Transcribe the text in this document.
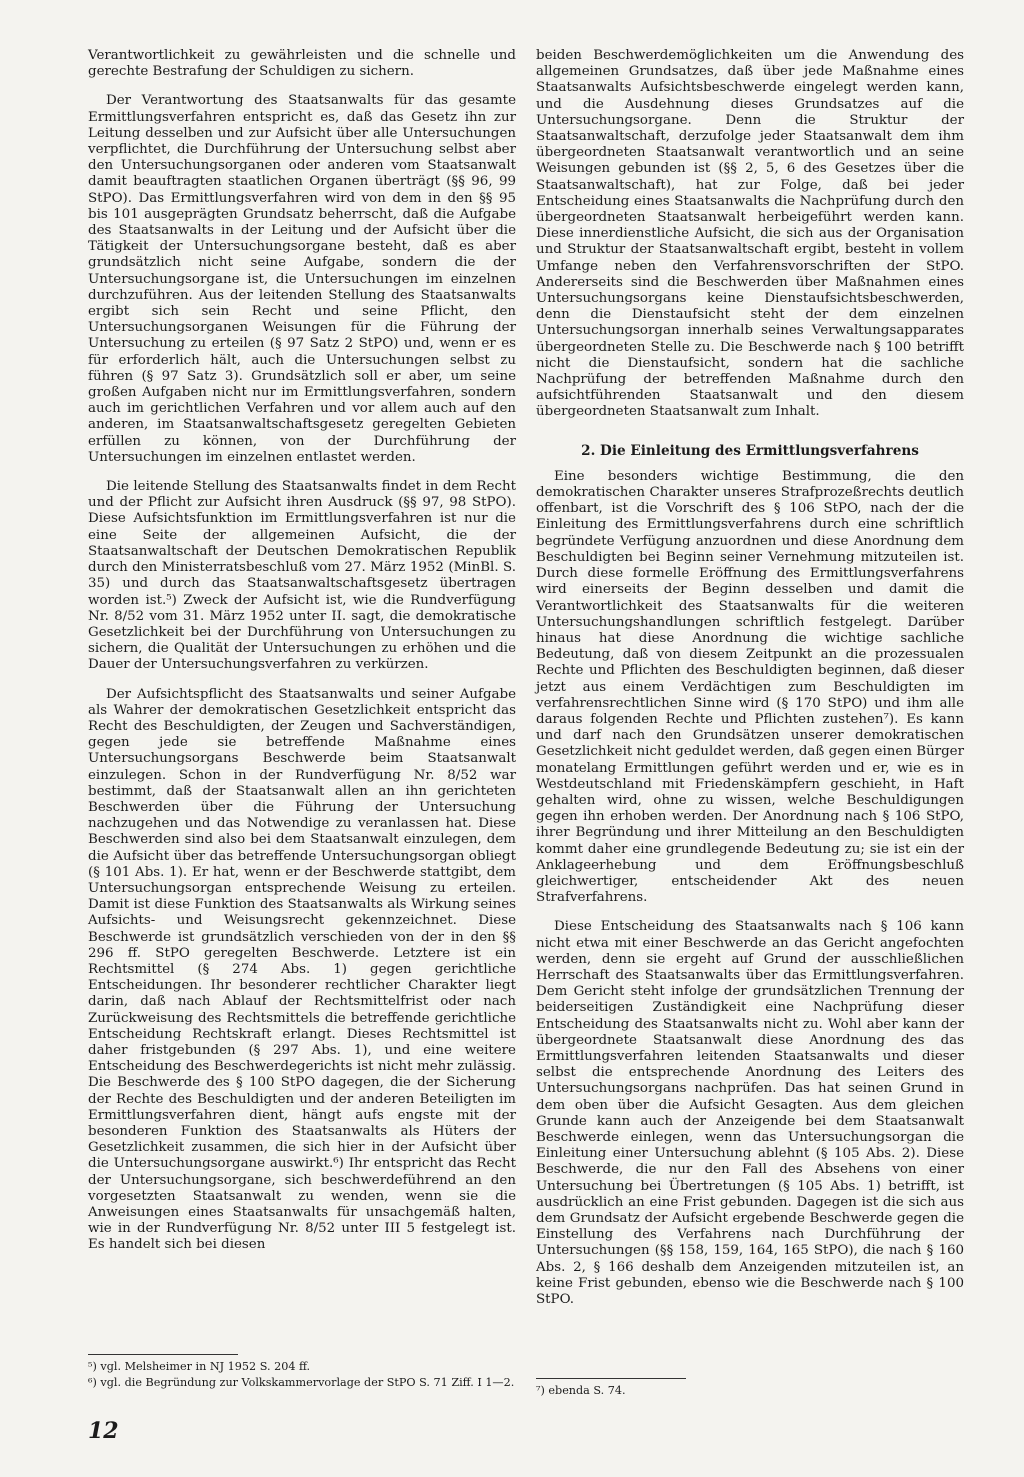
Verantwortlichkeit zu gewährleisten und die schnelle und gerechte Bestrafung der Schuldigen zu sichern.

Der Verantwortung des Staatsanwalts für das gesamte Ermittlungsverfahren entspricht es, daß das Gesetz ihn zur Leitung desselben und zur Aufsicht über alle Untersuchungen verpflichtet, die Durchführung der Untersuchung selbst aber den Untersuchungsorganen oder anderen vom Staatsanwalt damit beauftragten staatlichen Organen überträgt (§§ 96, 99 StPO). Das Ermittlungsverfahren wird von dem in den §§ 95 bis 101 ausgeprägten Grundsatz beherrscht, daß die Aufgabe des Staatsanwalts in der Leitung und der Aufsicht über die Tätigkeit der Untersuchungsorgane besteht, daß es aber grundsätzlich nicht seine Aufgabe, sondern die der Untersuchungsorgane ist, die Untersuchungen im einzelnen durchzuführen. Aus der leitenden Stellung des Staatsanwalts ergibt sich sein Recht und seine Pflicht, den Untersuchungsorganen Weisungen für die Führung der Untersuchung zu erteilen (§ 97 Satz 2 StPO) und, wenn er es für erforderlich hält, auch die Untersuchungen selbst zu führen (§ 97 Satz 3). Grundsätzlich soll er aber, um seine großen Aufgaben nicht nur im Ermittlungsverfahren, sondern auch im gerichtlichen Verfahren und vor allem auch auf den anderen, im Staatsanwaltschaftsgesetz geregelten Gebieten erfüllen zu können, von der Durchführung der Untersuchungen im einzelnen entlastet werden.

Die leitende Stellung des Staatsanwalts findet in dem Recht und der Pflicht zur Aufsicht ihren Ausdruck (§§ 97, 98 StPO). Diese Aufsichtsfunktion im Ermittlungsverfahren ist nur die eine Seite der allgemeinen Aufsicht, die der Staatsanwaltschaft der Deutschen Demokratischen Republik durch den Ministerratsbeschluß vom 27. März 1952 (MinBl. S. 35) und durch das Staatsanwaltschaftsgesetz übertragen worden ist.⁵) Zweck der Aufsicht ist, wie die Rundverfügung Nr. 8/52 vom 31. März 1952 unter II. sagt, die demokratische Gesetzlichkeit bei der Durchführung von Untersuchungen zu sichern, die Qualität der Untersuchungen zu erhöhen und die Dauer der Untersuchungsverfahren zu verkürzen.

Der Aufsichtspflicht des Staatsanwalts und seiner Aufgabe als Wahrer der demokratischen Gesetzlichkeit entspricht das Recht des Beschuldigten, der Zeugen und Sachverständigen, gegen jede sie betreffende Maßnahme eines Untersuchungsorgans Beschwerde beim Staatsanwalt einzulegen. Schon in der Rundverfügung Nr. 8/52 war bestimmt, daß der Staatsanwalt allen an ihn gerichteten Beschwerden über die Führung der Untersuchung nachzugehen und das Notwendige zu veranlassen hat. Diese Beschwerden sind also bei dem Staatsanwalt einzulegen, dem die Aufsicht über das betreffende Untersuchungsorgan obliegt (§ 101 Abs. 1). Er hat, wenn er der Beschwerde stattgibt, dem Untersuchungsorgan entsprechende Weisung zu erteilen. Damit ist diese Funktion des Staatsanwalts als Wirkung seines Aufsichts- und Weisungsrecht gekennzeichnet. Diese Beschwerde ist grundsätzlich verschieden von der in den §§ 296 ff. StPO geregelten Beschwerde. Letztere ist ein Rechtsmittel (§ 274 Abs. 1) gegen gerichtliche Entscheidungen. Ihr besonderer rechtlicher Charakter liegt darin, daß nach Ablauf der Rechtsmittelfrist oder nach Zurückweisung des Rechtsmittels die betreffende gerichtliche Entscheidung Rechtskraft erlangt. Dieses Rechtsmittel ist daher fristgebunden (§ 297 Abs. 1), und eine weitere Entscheidung des Beschwerdegerichts ist nicht mehr zulässig. Die Beschwerde des § 100 StPO dagegen, die der Sicherung der Rechte des Beschuldigten und der anderen Beteiligten im Ermittlungsverfahren dient, hängt aufs engste mit der besonderen Funktion des Staatsanwalts als Hüters der Gesetzlichkeit zusammen, die sich hier in der Aufsicht über die Untersuchungsorgane auswirkt.⁶) Ihr entspricht das Recht der Untersuchungsorgane, sich beschwerdeführend an den vorgesetzten Staatsanwalt zu wenden, wenn sie die Anweisungen eines Staatsanwalts für unsachgemäß halten, wie in der Rundverfügung Nr. 8/52 unter III 5 festgelegt ist. Es handelt sich bei diesen

⁵) vgl. Melsheimer in NJ 1952 S. 204 ff.

⁶) vgl. die Begründung zur Volkskammervorlage der StPO S. 71 Ziff. I 1—2.

beiden Beschwerdemöglichkeiten um die Anwendung des allgemeinen Grundsatzes, daß über jede Maßnahme eines Staatsanwalts Aufsichtsbeschwerde eingelegt werden kann, und die Ausdehnung dieses Grundsatzes auf die Untersuchungsorgane. Denn die Struktur der Staatsanwaltschaft, derzufolge jeder Staatsanwalt dem ihm übergeordneten Staatsanwalt verantwortlich und an seine Weisungen gebunden ist (§§ 2, 5, 6 des Gesetzes über die Staatsanwaltschaft), hat zur Folge, daß bei jeder Entscheidung eines Staatsanwalts die Nachprüfung durch den übergeordneten Staatsanwalt herbeigeführt werden kann. Diese innerdienstliche Aufsicht, die sich aus der Organisation und Struktur der Staatsanwaltschaft ergibt, besteht in vollem Umfange neben den Verfahrensvorschriften der StPO. Andererseits sind die Beschwerden über Maßnahmen eines Untersuchungsorgans keine Dienstaufsichtsbeschwerden, denn die Dienstaufsicht steht der dem einzelnen Untersuchungsorgan innerhalb seines Verwaltungsapparates übergeordneten Stelle zu. Die Beschwerde nach § 100 betrifft nicht die Dienstaufsicht, sondern hat die sachliche Nachprüfung der betreffenden Maßnahme durch den aufsichtführenden Staatsanwalt und den diesem übergeordneten Staatsanwalt zum Inhalt.

2. Die Einleitung des Ermittlungsverfahrens

Eine besonders wichtige Bestimmung, die den demokratischen Charakter unseres Strafprozeßrechts deutlich offenbart, ist die Vorschrift des § 106 StPO, nach der die Einleitung des Ermittlungsverfahrens durch eine schriftlich begründete Verfügung anzuordnen und diese Anordnung dem Beschuldigten bei Beginn seiner Vernehmung mitzuteilen ist. Durch diese formelle Eröffnung des Ermittlungsverfahrens wird einerseits der Beginn desselben und damit die Verantwortlichkeit des Staatsanwalts für die weiteren Untersuchungshandlungen schriftlich festgelegt. Darüber hinaus hat diese Anordnung die wichtige sachliche Bedeutung, daß von diesem Zeitpunkt an die prozessualen Rechte und Pflichten des Beschuldigten beginnen, daß dieser jetzt aus einem Verdächtigen zum Beschuldigten im verfahrensrechtlichen Sinne wird (§ 170 StPO) und ihm alle daraus folgenden Rechte und Pflichten zustehen⁷). Es kann und darf nach den Grundsätzen unserer demokratischen Gesetzlichkeit nicht geduldet werden, daß gegen einen Bürger monatelang Ermittlungen geführt werden und er, wie es in Westdeutschland mit Friedenskämpfern geschieht, in Haft gehalten wird, ohne zu wissen, welche Beschuldigungen gegen ihn erhoben werden. Der Anordnung nach § 106 StPO, ihrer Begründung und ihrer Mitteilung an den Beschuldigten kommt daher eine grundlegende Bedeutung zu; sie ist ein der Anklageerhebung und dem Eröffnungsbeschluß gleichwertiger, entscheidender Akt des neuen Strafverfahrens.

Diese Entscheidung des Staatsanwalts nach § 106 kann nicht etwa mit einer Beschwerde an das Gericht angefochten werden, denn sie ergeht auf Grund der ausschließlichen Herrschaft des Staatsanwalts über das Ermittlungsverfahren. Dem Gericht steht infolge der grundsätzlichen Trennung der beiderseitigen Zuständigkeit eine Nachprüfung dieser Entscheidung des Staatsanwalts nicht zu. Wohl aber kann der übergeordnete Staatsanwalt diese Anordnung des das Ermittlungsverfahren leitenden Staatsanwalts und dieser selbst die entsprechende Anordnung des Leiters des Untersuchungsorgans nachprüfen. Das hat seinen Grund in dem oben über die Aufsicht Gesagten. Aus dem gleichen Grunde kann auch der Anzeigende bei dem Staatsanwalt Beschwerde einlegen, wenn das Untersuchungsorgan die Einleitung einer Untersuchung ablehnt (§ 105 Abs. 2). Diese Beschwerde, die nur den Fall des Absehens von einer Untersuchung bei Übertretungen (§ 105 Abs. 1) betrifft, ist ausdrücklich an eine Frist gebunden. Dagegen ist die sich aus dem Grundsatz der Aufsicht ergebende Beschwerde gegen die Einstellung des Verfahrens nach Durchführung der Untersuchungen (§§ 158, 159, 164, 165 StPO), die nach § 160 Abs. 2, § 166 deshalb dem Anzeigenden mitzuteilen ist, an keine Frist gebunden, ebenso wie die Beschwerde nach § 100 StPO.

⁷) ebenda S. 74.

12
